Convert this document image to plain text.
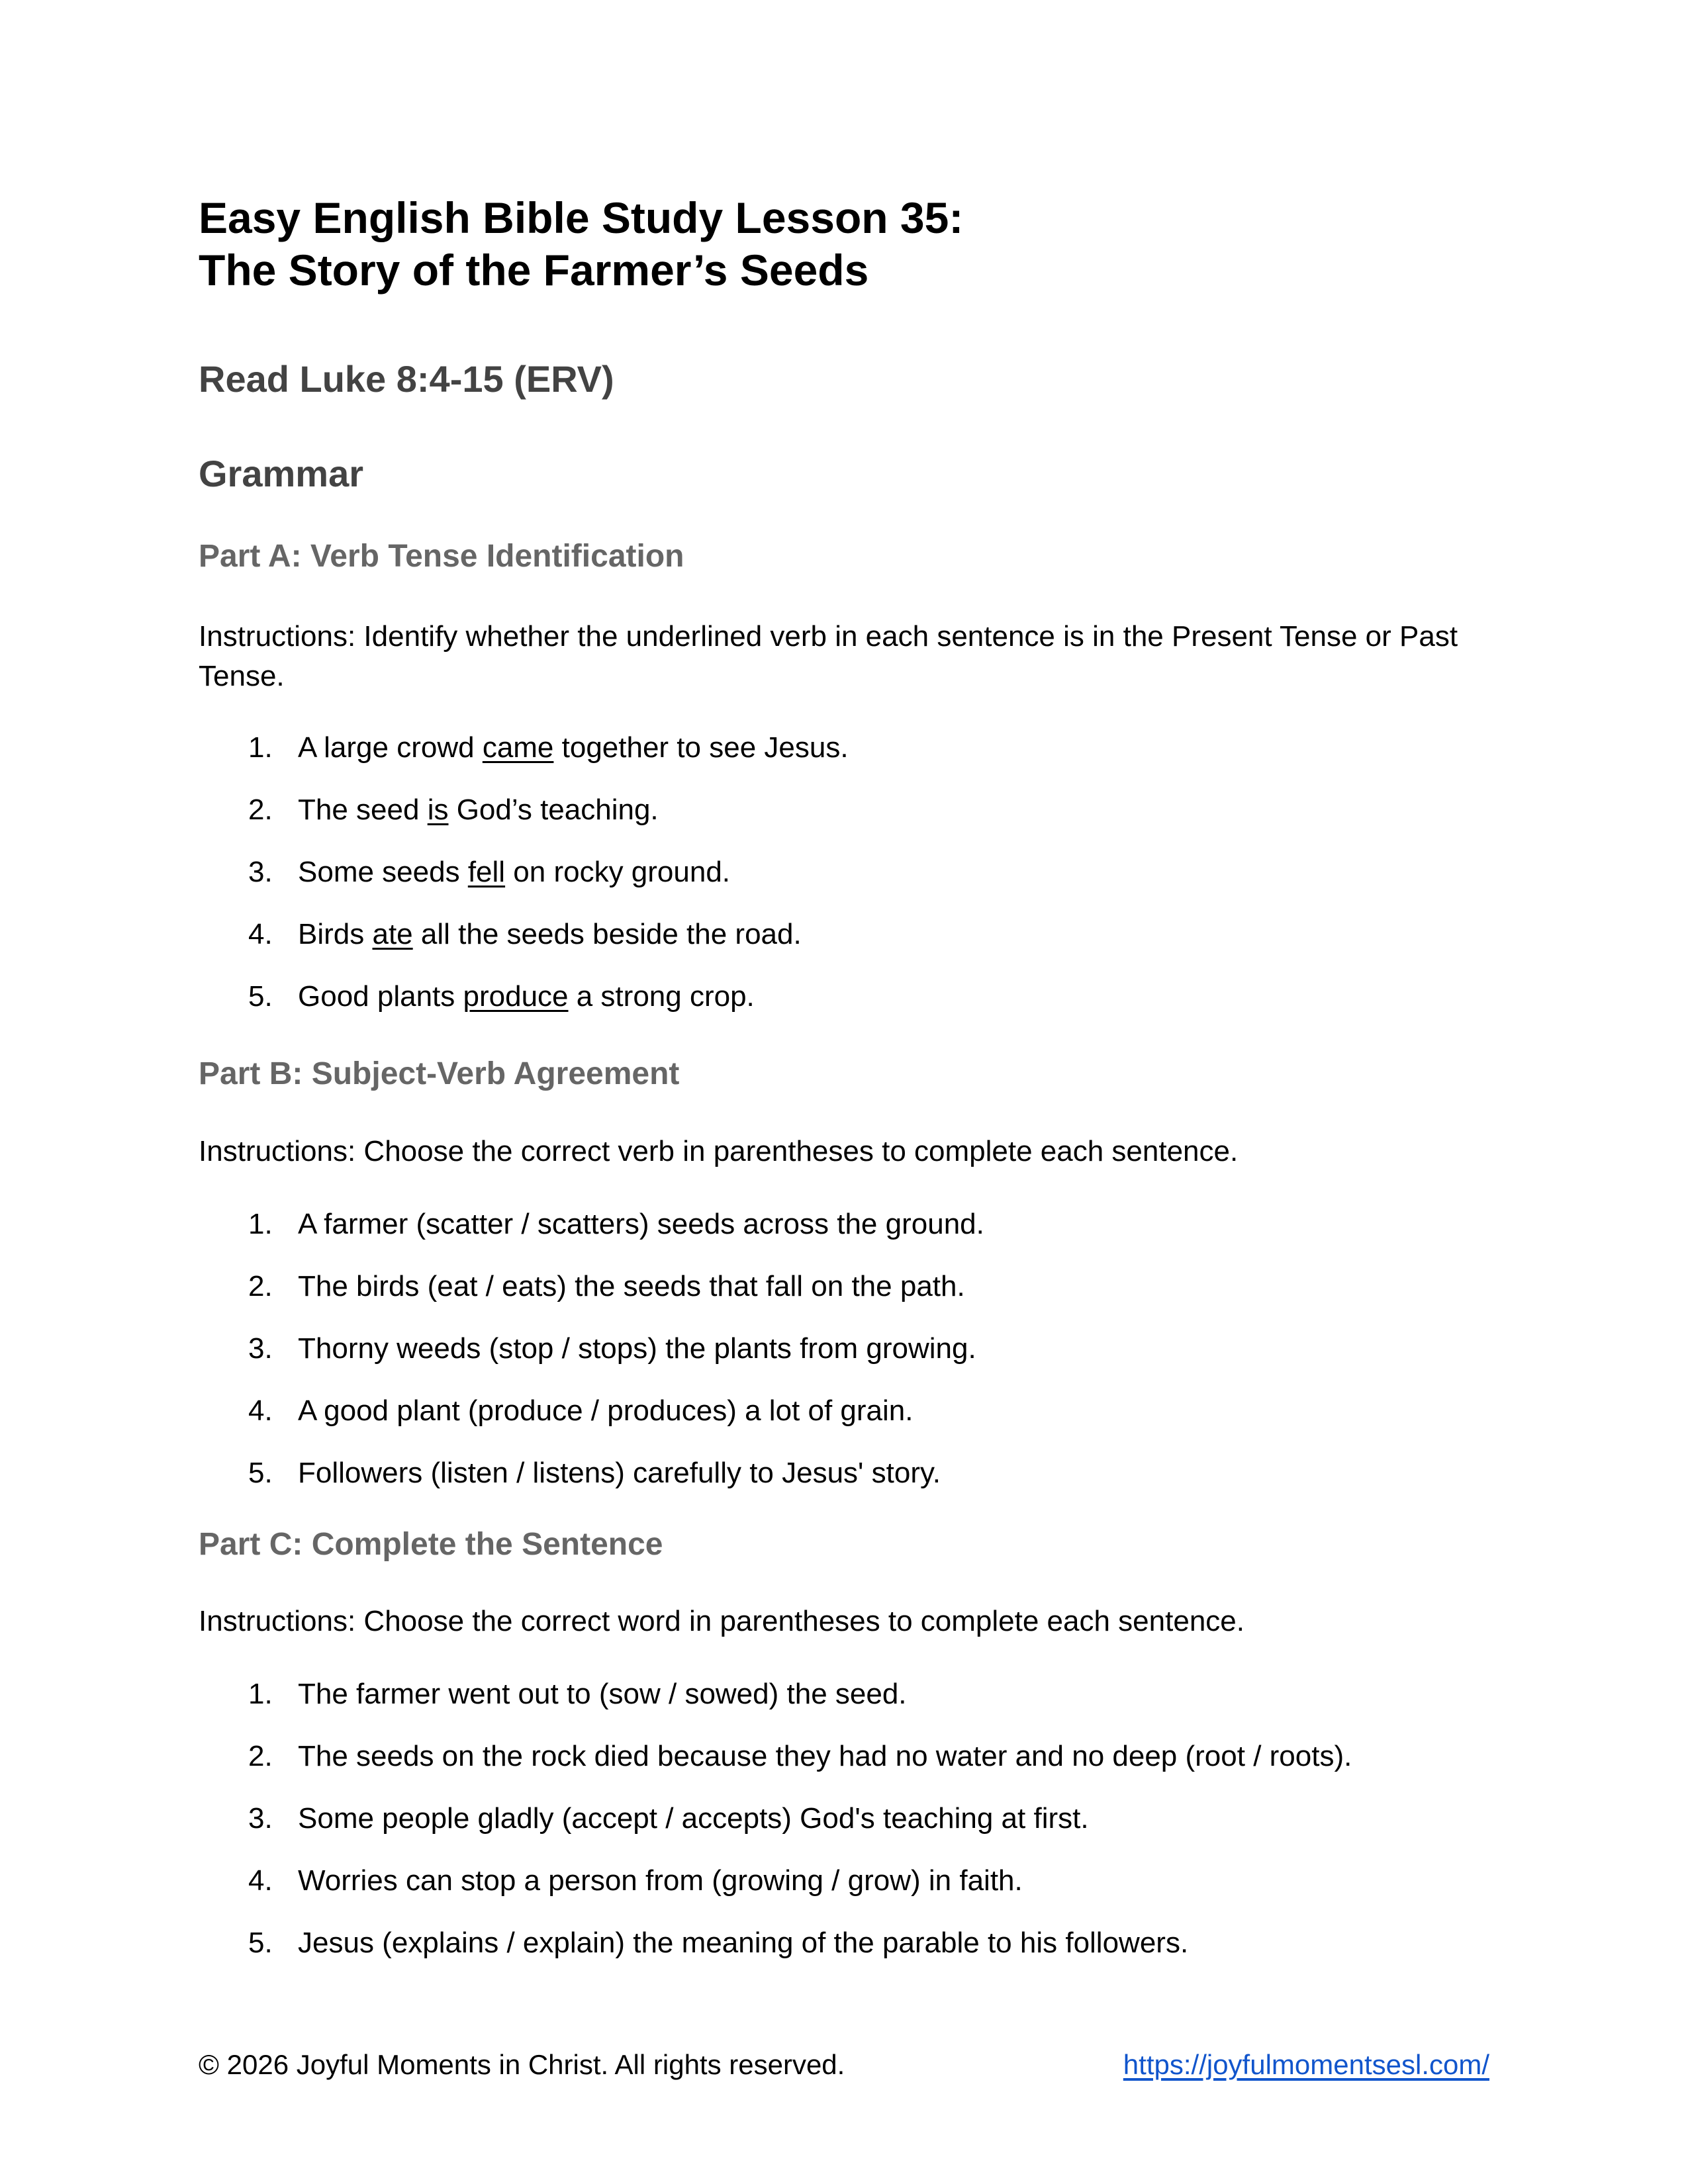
Easy English Bible Study Lesson 35:
The Story of the Farmer’s Seeds
Read Luke 8:4-15 (ERV)
Grammar
Part A: Verb Tense Identification

Instructions: Identify whether the underlined verb in each sentence is in the Present Tense or Past Tense.

1. A large crowd came together to see Jesus.
2. The seed is God’s teaching.
3. Some seeds fell on rocky ground.
4. Birds ate all the seeds beside the road.
5. Good plants produce a strong crop.
Part B: Subject-Verb Agreement

Instructions: Choose the correct verb in parentheses to complete each sentence.

1. A farmer (scatter / scatters) seeds across the ground.
2. The birds (eat / eats) the seeds that fall on the path.
3. Thorny weeds (stop / stops) the plants from growing.
4. A good plant (produce / produces) a lot of grain.
5. Followers (listen / listens) carefully to Jesus' story.
Part C: Complete the Sentence

Instructions: Choose the correct word in parentheses to complete each sentence.

1. The farmer went out to (sow / sowed) the seed.
2. The seeds on the rock died because they had no water and no deep (root / roots).
3. Some people gladly (accept / accepts) God's teaching at first.
4. Worries can stop a person from (growing / grow) in faith.
5. Jesus (explains / explain) the meaning of the parable to his followers.
© 2026 Joyful Moments in Christ. All rights reserved.	https://joyfulmomentsesl.com/
